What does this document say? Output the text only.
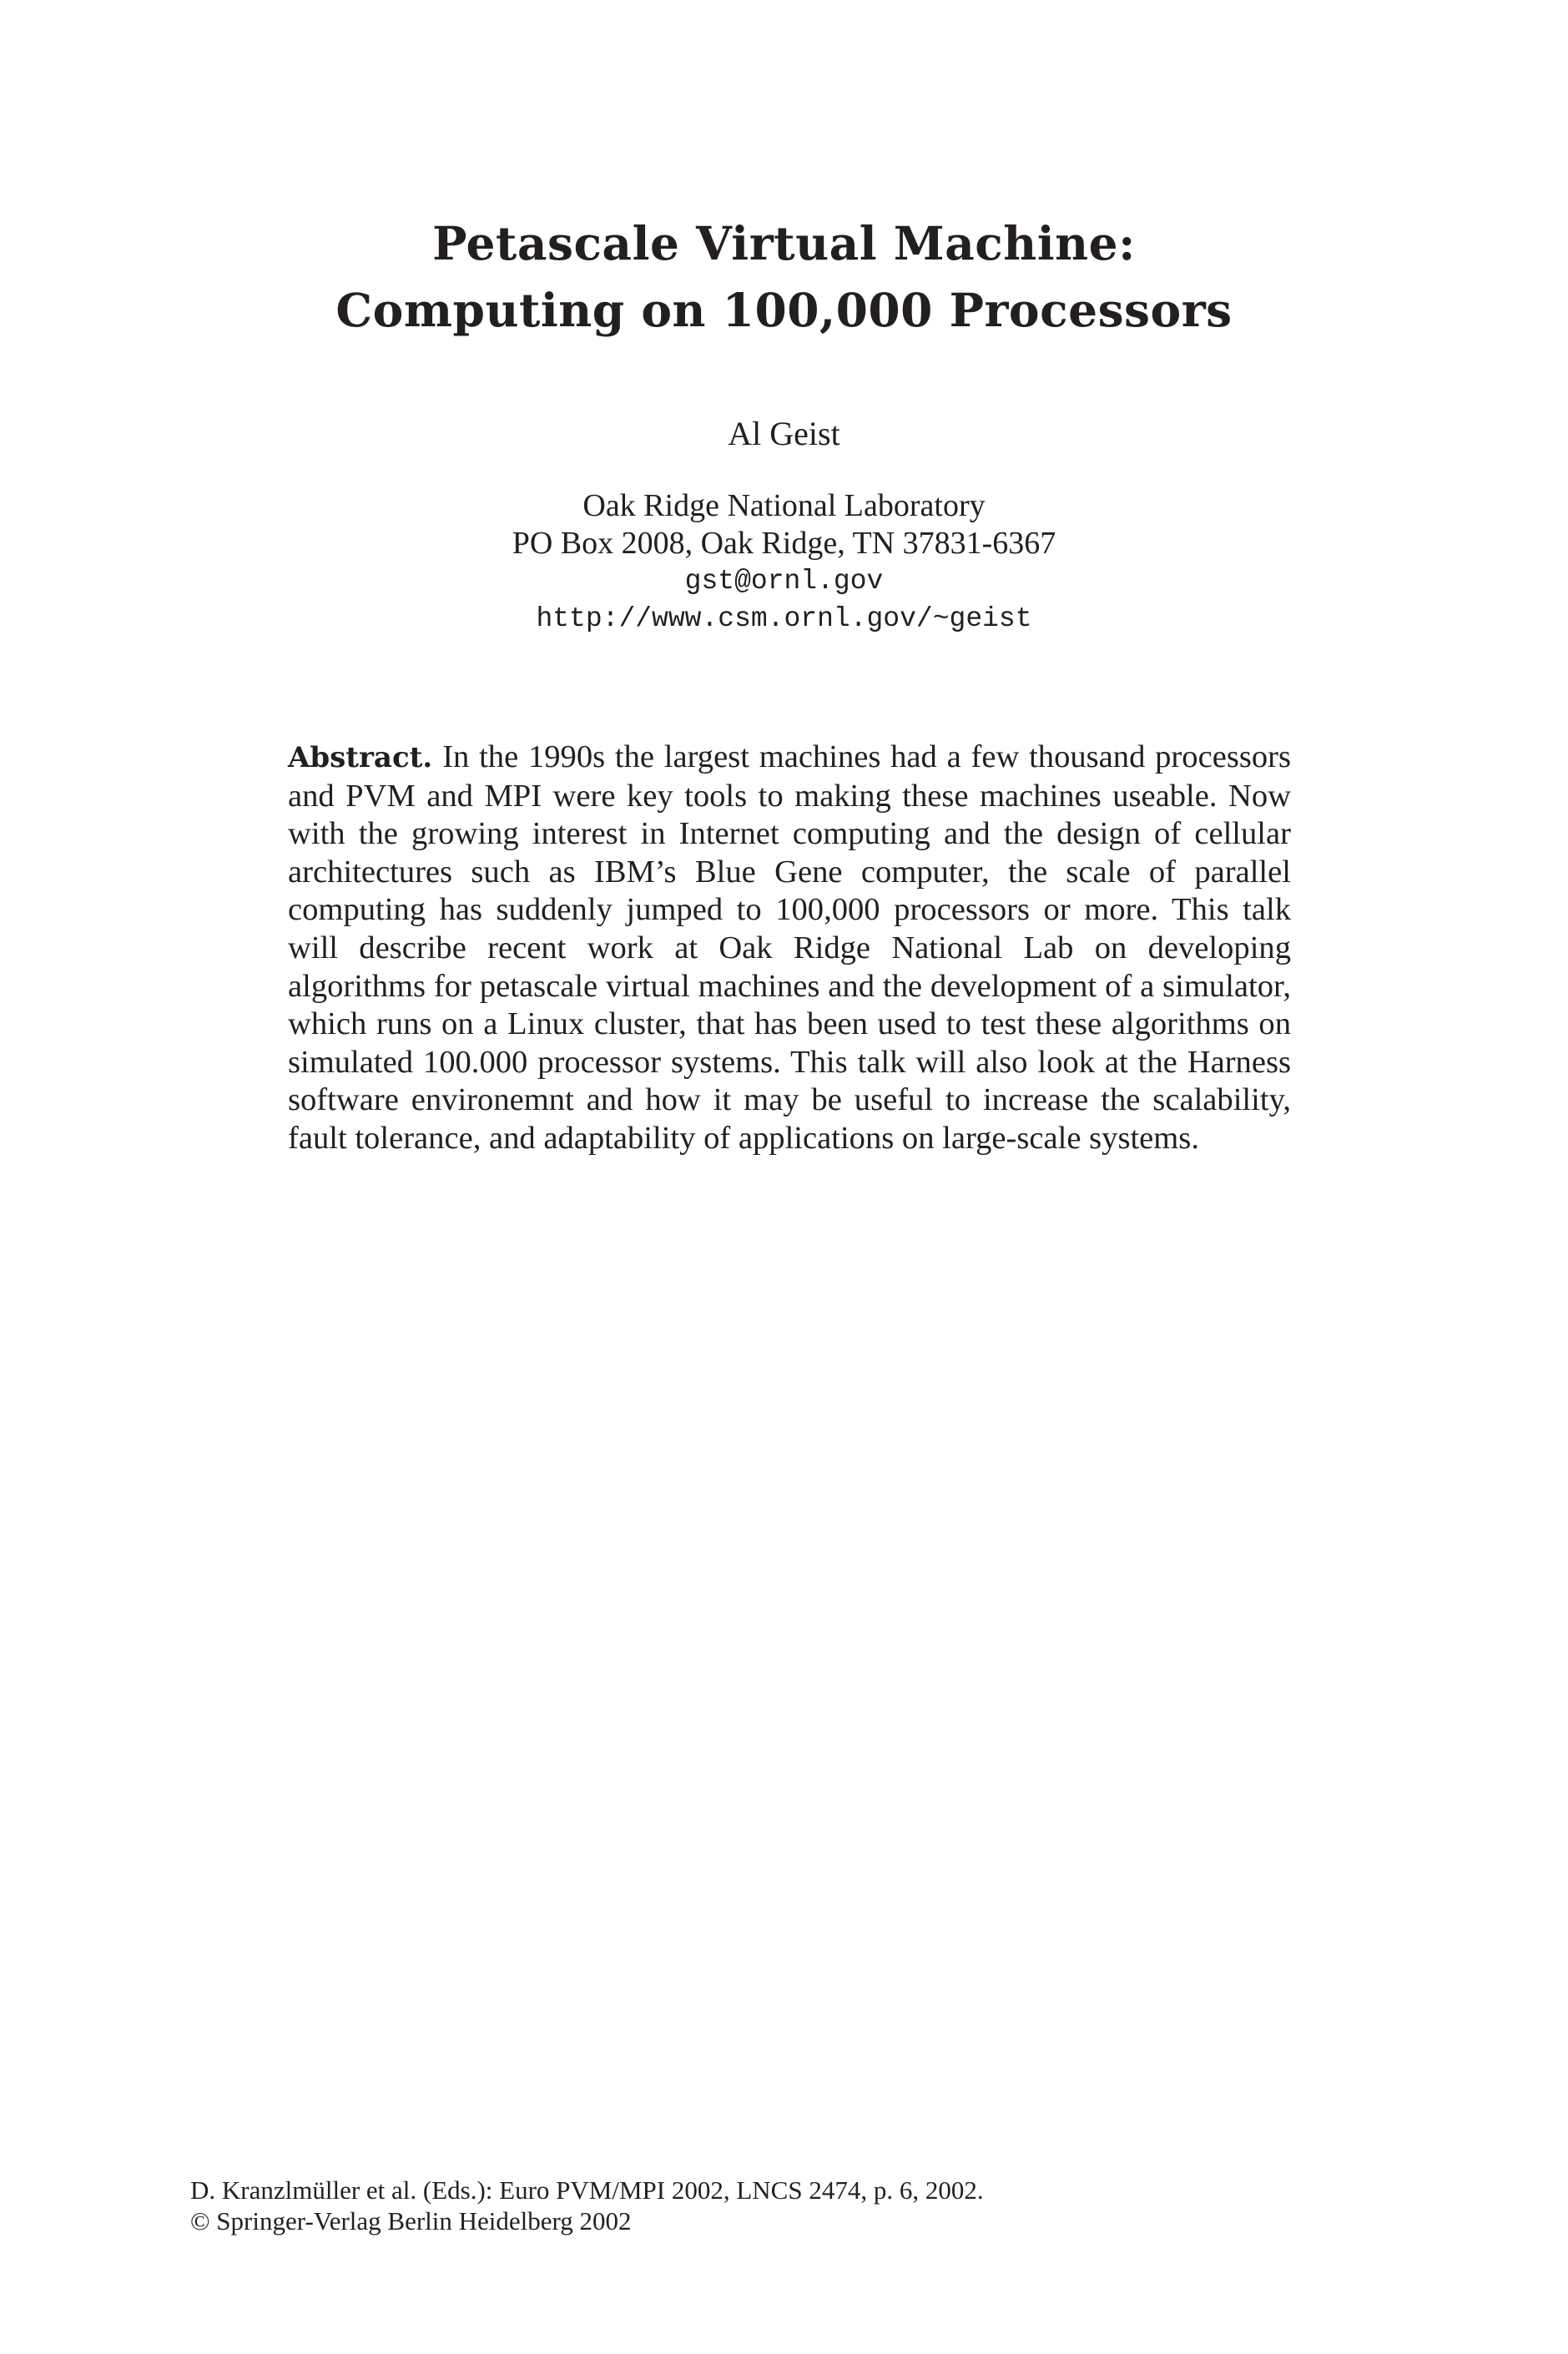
Petascale Virtual Machine:
Computing on 100,000 Processors
Al Geist
Oak Ridge National Laboratory
PO Box 2008, Oak Ridge, TN 37831-6367
gst@ornl.gov
http://www.csm.ornl.gov/~geist
Abstract. In the 1990s the largest machines had a few thousand processors and PVM and MPI were key tools to making these machines useable. Now with the growing interest in Internet computing and the design of cellular architectures such as IBM’s Blue Gene computer, the scale of parallel computing has suddenly jumped to 100,000 processors or more. This talk will describe recent work at Oak Ridge National Lab on developing algorithms for petascale virtual machines and the development of a simulator, which runs on a Linux cluster, that has been used to test these algorithms on simulated 100.000 processor systems. This talk will also look at the Harness software environemnt and how it may be useful to increase the scalability, fault tolerance, and adaptability of applications on large-scale systems.
D. Kranzlmüller et al. (Eds.): Euro PVM/MPI 2002, LNCS 2474, p. 6, 2002.
© Springer-Verlag Berlin Heidelberg 2002
